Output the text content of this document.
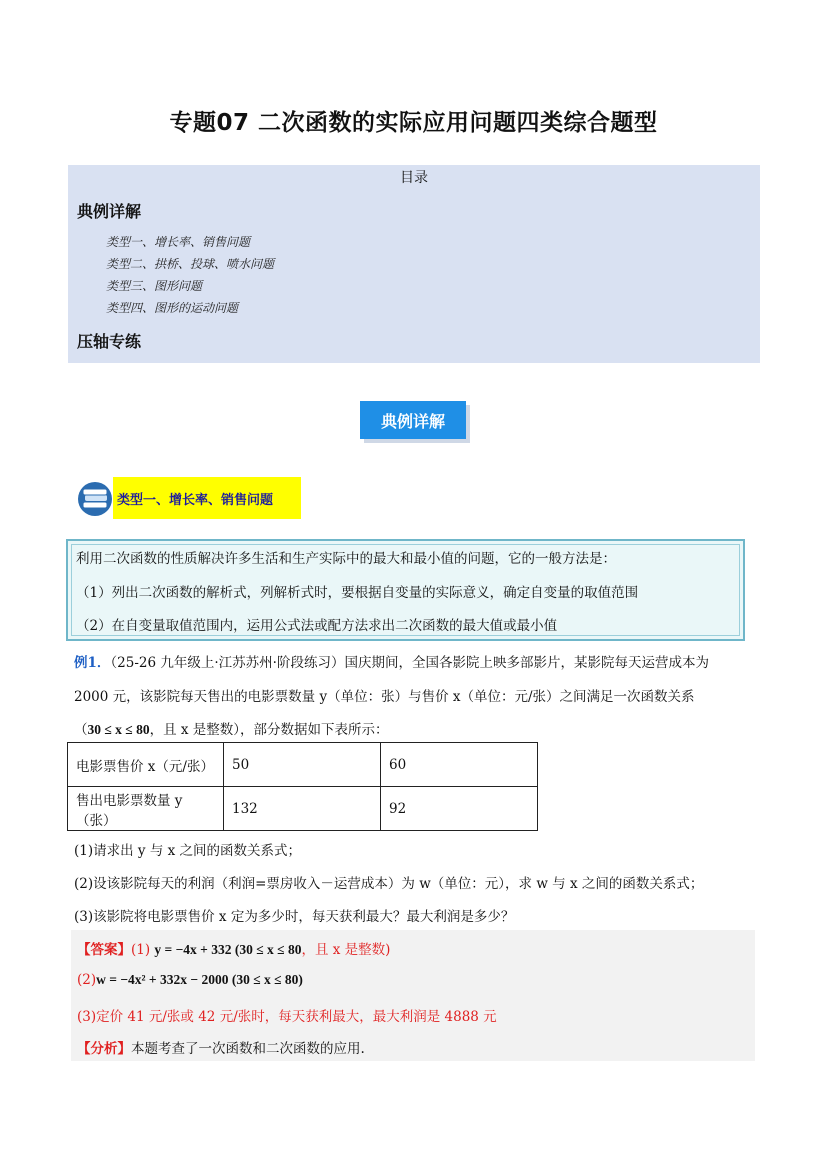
专题07 二次函数的实际应用问题四类综合题型
目录
典例详解
类型一、增长率、销售问题
类型二、拱桥、投球、喷水问题
类型三、图形问题
类型四、图形的运动问题
压轴专练
典例详解
类型一、增长率、销售问题
利用二次函数的性质解决许多生活和生产实际中的最大和最小值的问题，它的一般方法是：
（1）列出二次函数的解析式，列解析式时，要根据自变量的实际意义，确定自变量的取值范围
（2）在自变量取值范围内，运用公式法或配方法求出二次函数的最大值或最小值
例1．（25-26 九年级上·江苏苏州·阶段练习）国庆期间，全国各影院上映多部影片，某影院每天运营成本为
2000 元，该影院每天售出的电影票数量 y（单位：张）与售价 x（单位：元/张）之间满足一次函数关系
（30 ≤ x ≤ 80，且 x 是整数），部分数据如下表所示：
电影票售价 x（元/张）	50	60
售出电影票数量 y（张）	132	92
(1)请求出 y 与 x 之间的函数关系式；
(2)设该影院每天的利润（利润=票房收入－运营成本）为 w（单位：元），求 w 与 x 之间的函数关系式；
(3)该影院将电影票售价 x 定为多少时，每天获利最大？最大利润是多少？
【答案】(1) y = −4x + 332 (30 ≤ x ≤ 80，且 x 是整数)
(2)w = −4x² + 332x − 2000 (30 ≤ x ≤ 80)
(3)定价 41 元/张或 42 元/张时，每天获利最大，最大利润是 4888 元
【分析】本题考查了一次函数和二次函数的应用.
